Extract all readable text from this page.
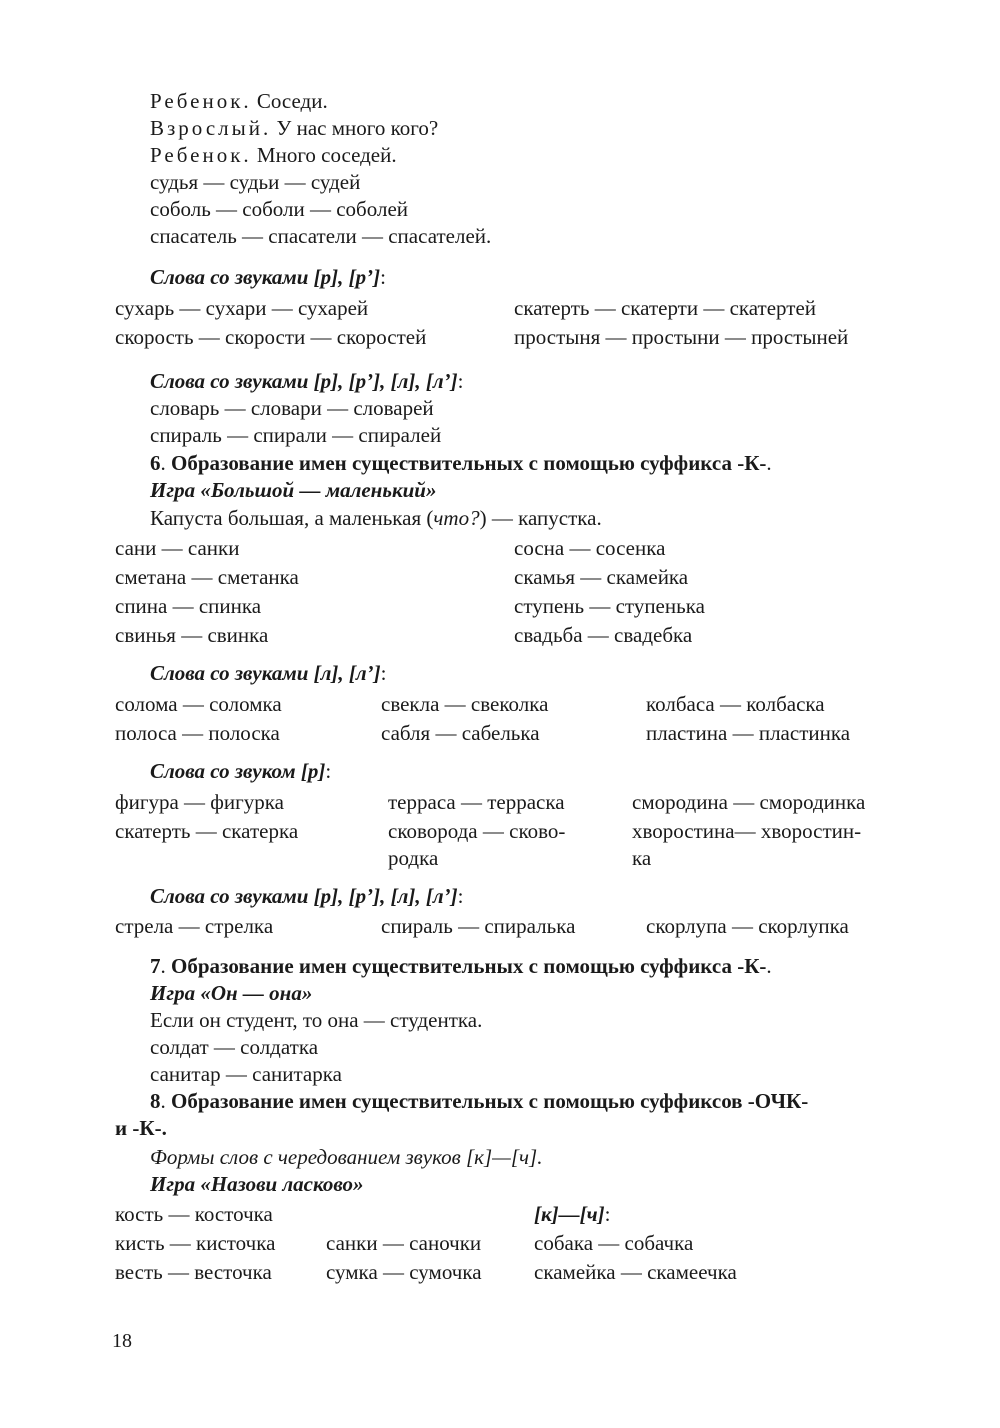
Ребенок. Соседи.
Взрослый. У нас много кого?
Ребенок. Много соседей.
судья — судьи — судей
соболь — соболи — соболей
спасатель — спасатели — спасателей.
Слова со звуками [р], [р’]:
сухарь — сухари — сухарей
скорость — скорости — скоростей
скатерть — скатерти — скатертей
простыня — простыни — простыней
Слова со звуками [р], [р’], [л], [л’]:
словарь — словари — словарей
спираль — спирали — спиралей
6. Образование имен существительных с помощью суффикса -К-.
Игра «Большой — маленький»
Капуста большая, а маленькая (что?) — капустка.
сани — санки
сметана — сметанка
спина — спинка
свинья — свинка
сосна — сосенка
скамья — скамейка
ступень — ступенька
свадьба — свадебка
Слова со звуками [л], [л’]:
солома — соломка
полоса — полоска
свекла — свеколка
сабля — сабелька
колбаса — колбаска
пластина — пластинка
Слова со звуком [р]:
фигура — фигурка
скатерть — скатерка
терраса — терраска
сковорода — сково-
родка
смородина — смородинка
хворостина— хворостин-
ка
Слова со звуками [р], [р’], [л], [л’]:
стрела — стрелка	спираль — спиралька	скорлупа — скорлупка
7. Образование имен существительных с помощью суффикса -К-.
Игра «Он — она»
Если он студент, то она — студентка.
солдат — солдатка
санитар — санитарка
8. Образование имен существительных с помощью суффиксов -ОЧК-
и -К-.
Формы слов с чередованием звуков [к]—[ч].
Игра «Назови ласково»
кость — косточка
кисть — кисточка
весть — весточка
санки — саночки
сумка — сумочка
[к]—[ч]:
собака — собачка
скамейка — скамеечка
18
